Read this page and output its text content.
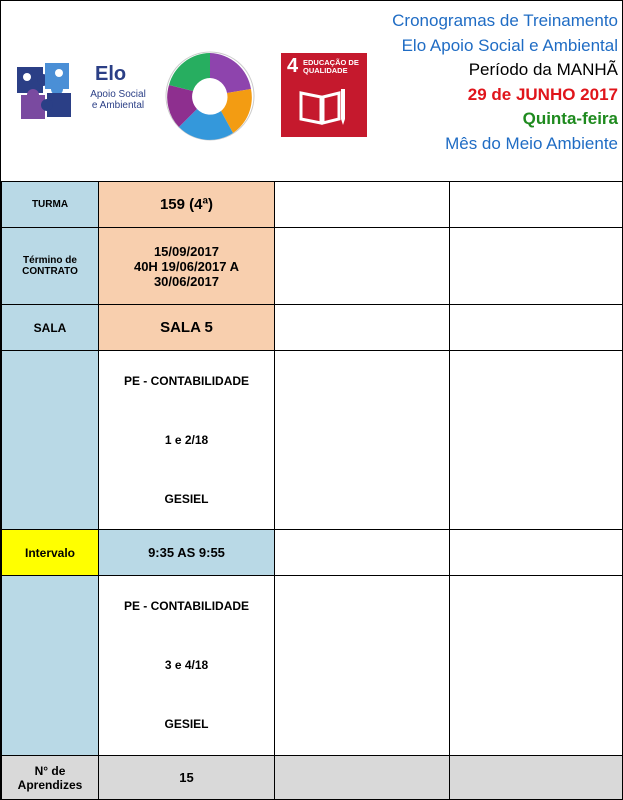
Elo
Apoio Social
e Ambiental
4 EDUCAÇÃO DE QUALIDADE
Cronogramas de Treinamento
Elo Apoio Social e Ambiental
Período da MANHÃ
29 de JUNHO 2017
Quinta-feira
Mês do Meio Ambiente
TURMA	159 (4ª)		

Término de
CONTRATO	15/09/2017
40H 19/06/2017 A
30/06/2017		

SALA	SALA 5		

	PE - CONTABILIDADE
1 e 2/18
GESIEL		

Intervalo	9:35 AS 9:55		

	PE - CONTABILIDADE
3 e 4/18
GESIEL		

N° de
Aprendizes	15		
